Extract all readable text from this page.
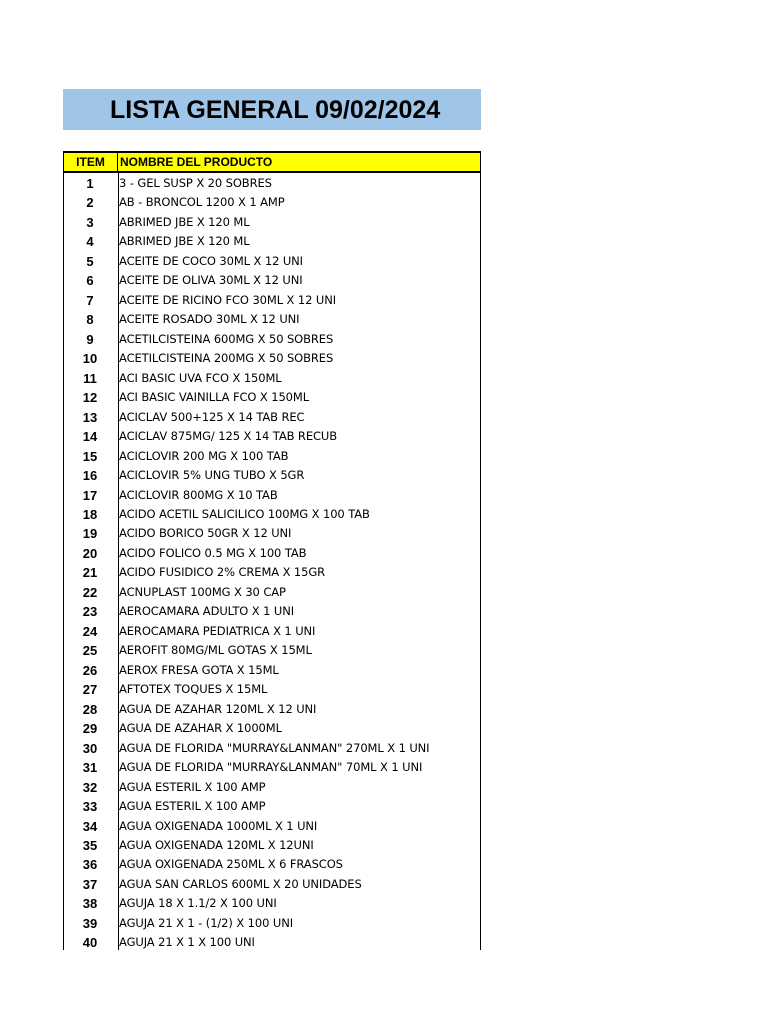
LISTA GENERAL 09/02/2024
ITEM	NOMBRE DEL PRODUCTO
1	3 - GEL SUSP X 20 SOBRES
2	AB - BRONCOL 1200 X 1 AMP
3	ABRIMED JBE X 120 ML
4	ABRIMED JBE X 120 ML
5	ACEITE DE COCO 30ML X 12 UNI
6	ACEITE DE OLIVA 30ML X 12 UNI
7	ACEITE DE RICINO FCO 30ML X 12 UNI
8	ACEITE ROSADO 30ML X 12 UNI
9	ACETILCISTEINA 600MG X 50 SOBRES
10	ACETILCISTEINA 200MG X 50 SOBRES
11	ACI BASIC UVA FCO X 150ML
12	ACI BASIC VAINILLA FCO X 150ML
13	ACICLAV 500+125 X 14 TAB REC
14	ACICLAV 875MG/ 125 X 14 TAB RECUB
15	ACICLOVIR 200 MG X 100 TAB
16	ACICLOVIR 5% UNG TUBO X 5GR
17	ACICLOVIR 800MG X 10 TAB
18	ACIDO ACETIL SALICILICO 100MG X 100 TAB
19	ACIDO BORICO 50GR X 12 UNI
20	ACIDO FOLICO 0.5 MG X 100 TAB
21	ACIDO FUSIDICO 2% CREMA X 15GR
22	ACNUPLAST 100MG X 30 CAP
23	AEROCAMARA ADULTO X 1 UNI
24	AEROCAMARA PEDIATRICA X 1 UNI
25	AEROFIT 80MG/ML GOTAS X 15ML
26	AEROX FRESA GOTA X 15ML
27	AFTOTEX TOQUES X 15ML
28	AGUA DE AZAHAR 120ML X 12 UNI
29	AGUA DE AZAHAR X 1000ML
30	AGUA DE FLORIDA "MURRAY&LANMAN" 270ML X 1 UNI
31	AGUA DE FLORIDA "MURRAY&LANMAN" 70ML X 1 UNI
32	AGUA ESTERIL X 100 AMP
33	AGUA ESTERIL X 100 AMP
34	AGUA OXIGENADA 1000ML X 1 UNI
35	AGUA OXIGENADA 120ML X 12UNI
36	AGUA OXIGENADA 250ML X 6 FRASCOS
37	AGUA SAN CARLOS 600ML X 20 UNIDADES
38	AGUJA 18 X 1.1/2 X 100 UNI
39	AGUJA 21 X 1 - (1/2) X 100 UNI
40	AGUJA 21 X 1 X 100 UNI
